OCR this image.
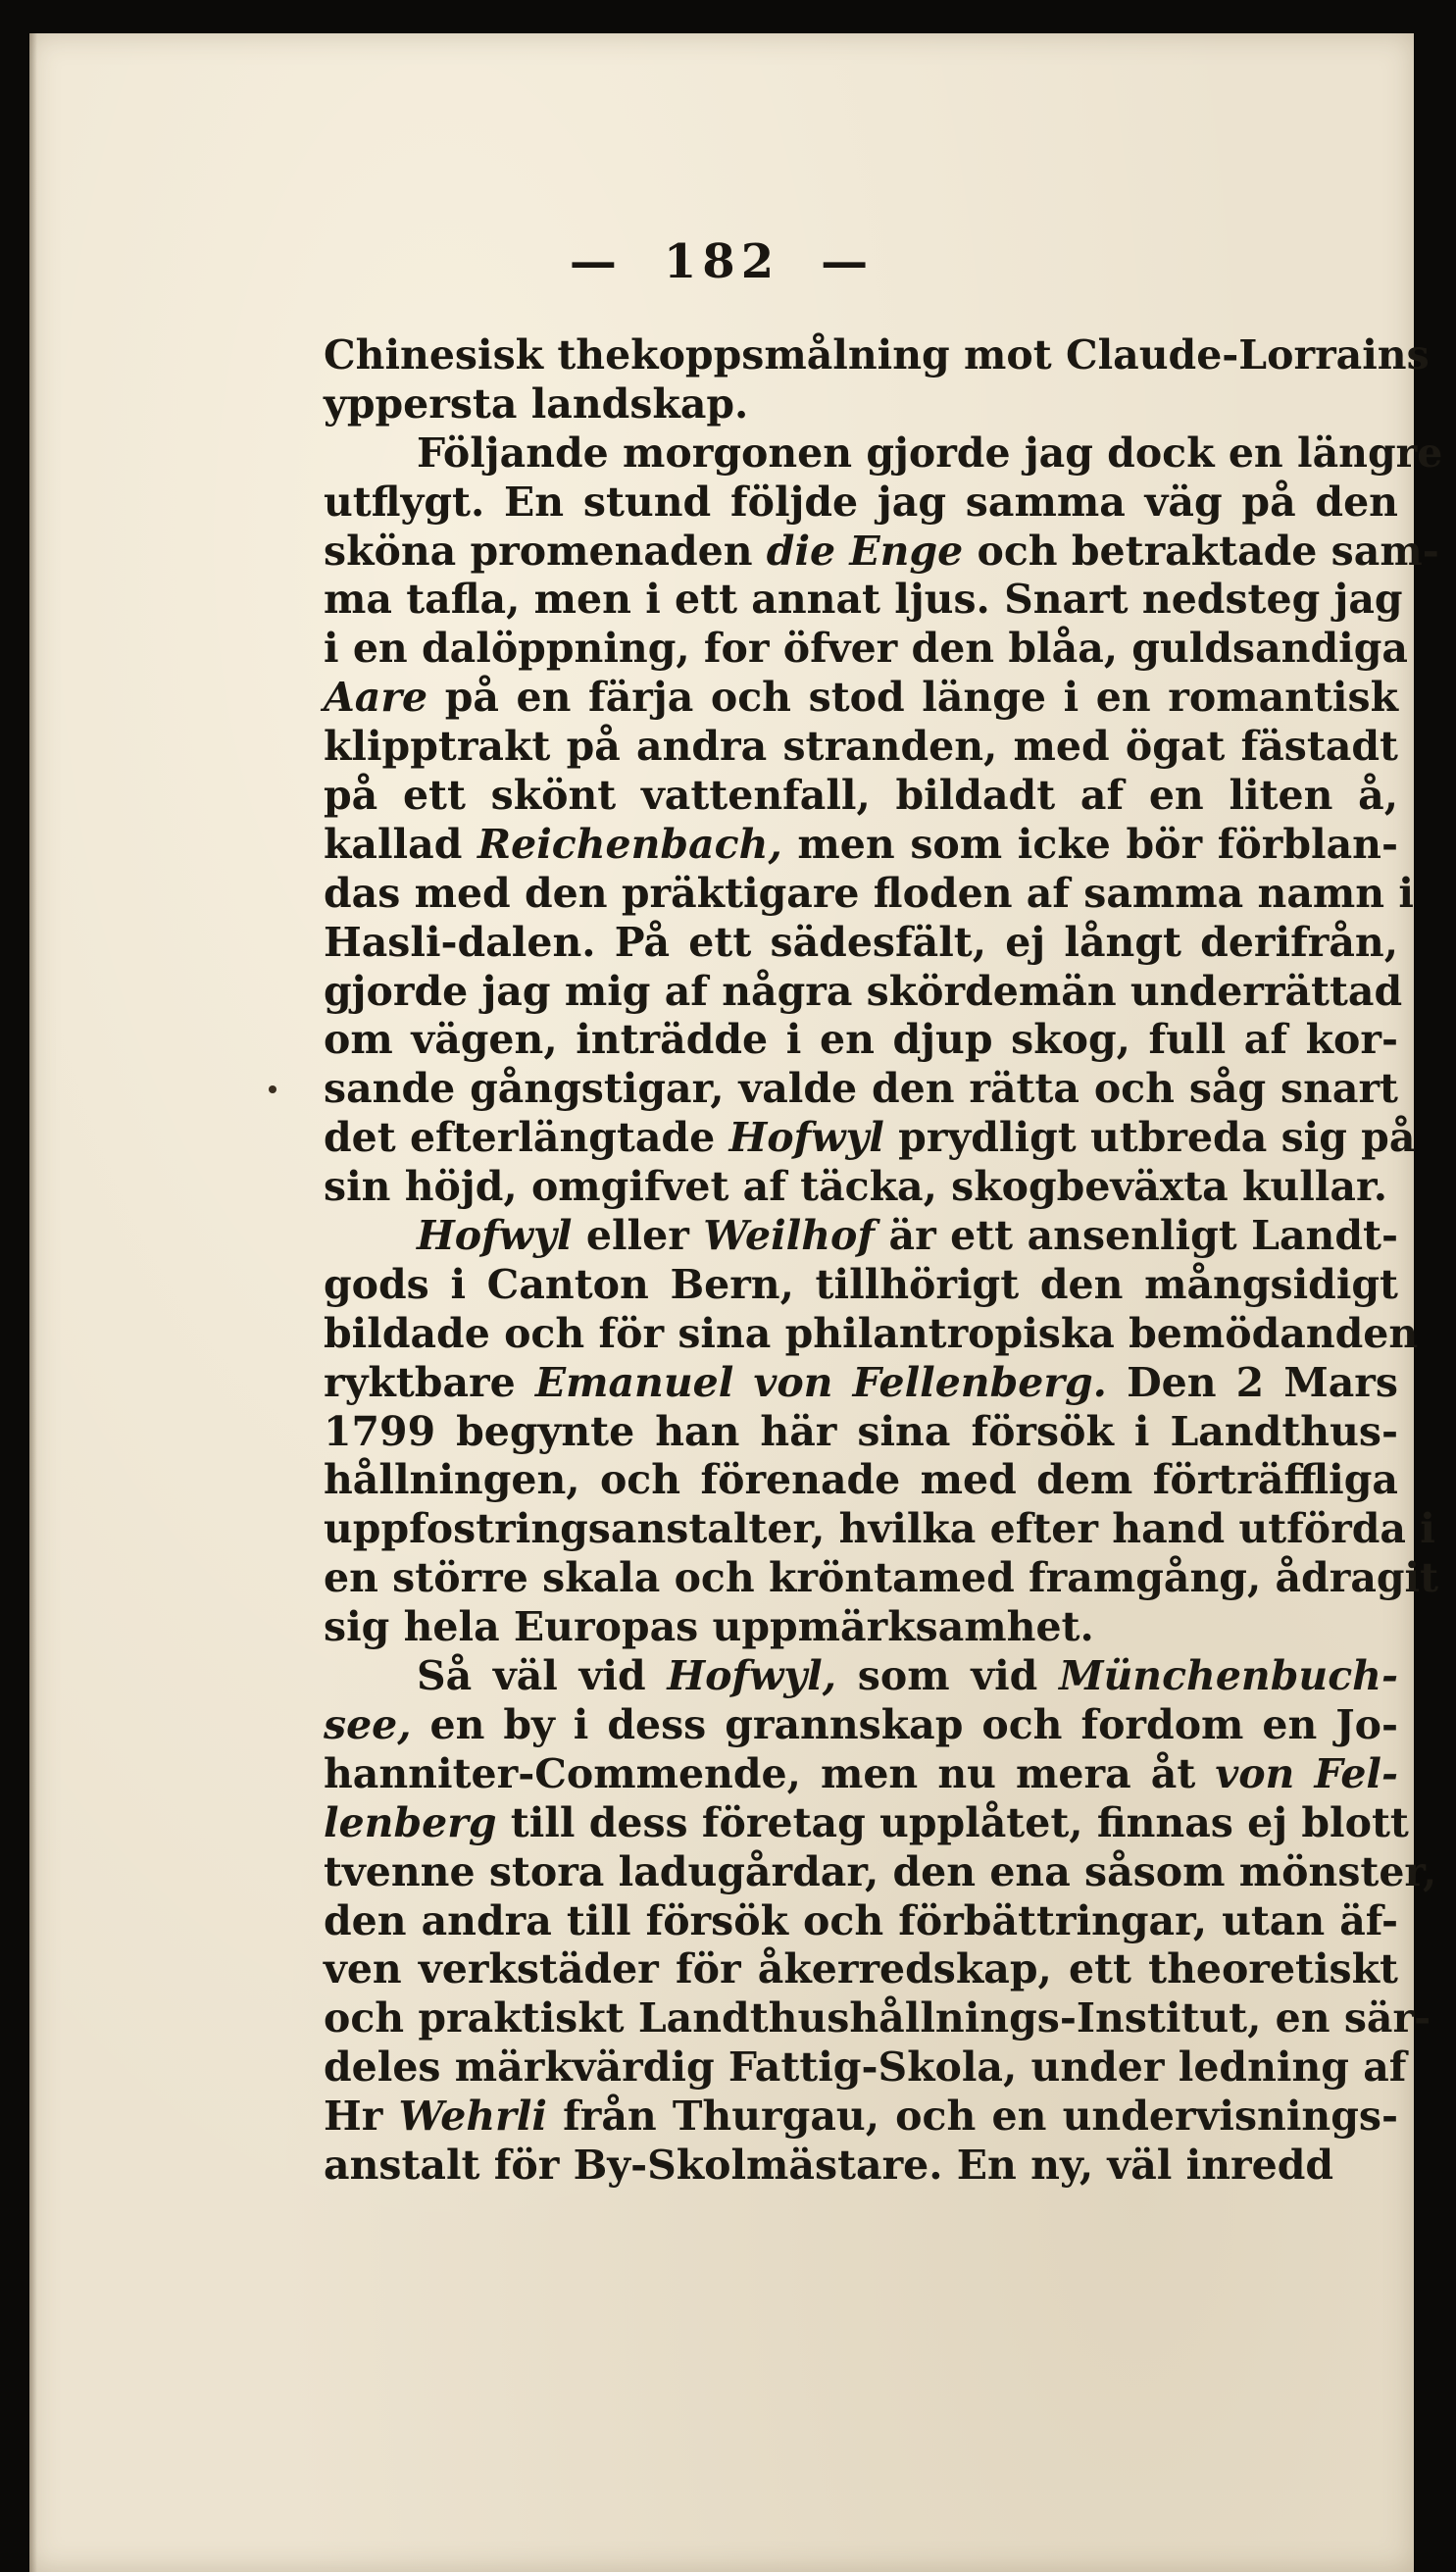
— 182 —
Chinesisk thekoppsmålning mot Claude-Lorrains
yppersta landskap.
Följande morgonen gjorde jag dock en längre
utflygt. En stund följde jag samma väg på den
sköna promenaden die Enge och betraktade sam-
ma tafla, men i ett annat ljus. Snart nedsteg jag
i en dalöppning, for öfver den blåa, guldsandiga
Aare på en färja och stod länge i en romantisk
klipptrakt på andra stranden, med ögat fästadt
på ett skönt vattenfall, bildadt af en liten å,
kallad Reichenbach, men som icke bör förblan-
das med den präktigare floden af samma namn i
Hasli-dalen. På ett sädesfält, ej långt derifrån,
gjorde jag mig af några skördemän underrättad
om vägen, inträdde i en djup skog, full af kor-
sande gångstigar, valde den rätta och såg snart
det efterlängtade Hofwyl prydligt utbreda sig på
sin höjd, omgifvet af täcka, skogbeväxta kullar.
Hofwyl eller Weilhof är ett ansenligt Landt-
gods i Canton Bern, tillhörigt den mångsidigt
bildade och för sina philantropiska bemödanden
ryktbare Emanuel von Fellenberg. Den 2 Mars
1799 begynte han här sina försök i Landthus-
hållningen, och förenade med dem förträffliga
uppfostringsanstalter, hvilka efter hand utförda i
en större skala och kröntamed framgång, ådragit
sig hela Europas uppmärksamhet.
Så väl vid Hofwyl, som vid Münchenbuch-
see, en by i dess grannskap och fordom en Jo-
hanniter-Commende, men nu mera åt von Fel-
lenberg till dess företag upplåtet, finnas ej blott
tvenne stora ladugårdar, den ena såsom mönster,
den andra till försök och förbättringar, utan äf-
ven verkstäder för åkerredskap, ett theoretiskt
och praktiskt Landthushållnings-Institut, en sär-
deles märkvärdig Fattig-Skola, under ledning af
Hr Wehrli från Thurgau, och en undervisnings-
anstalt för By-Skolmästare. En ny, väl inredd
